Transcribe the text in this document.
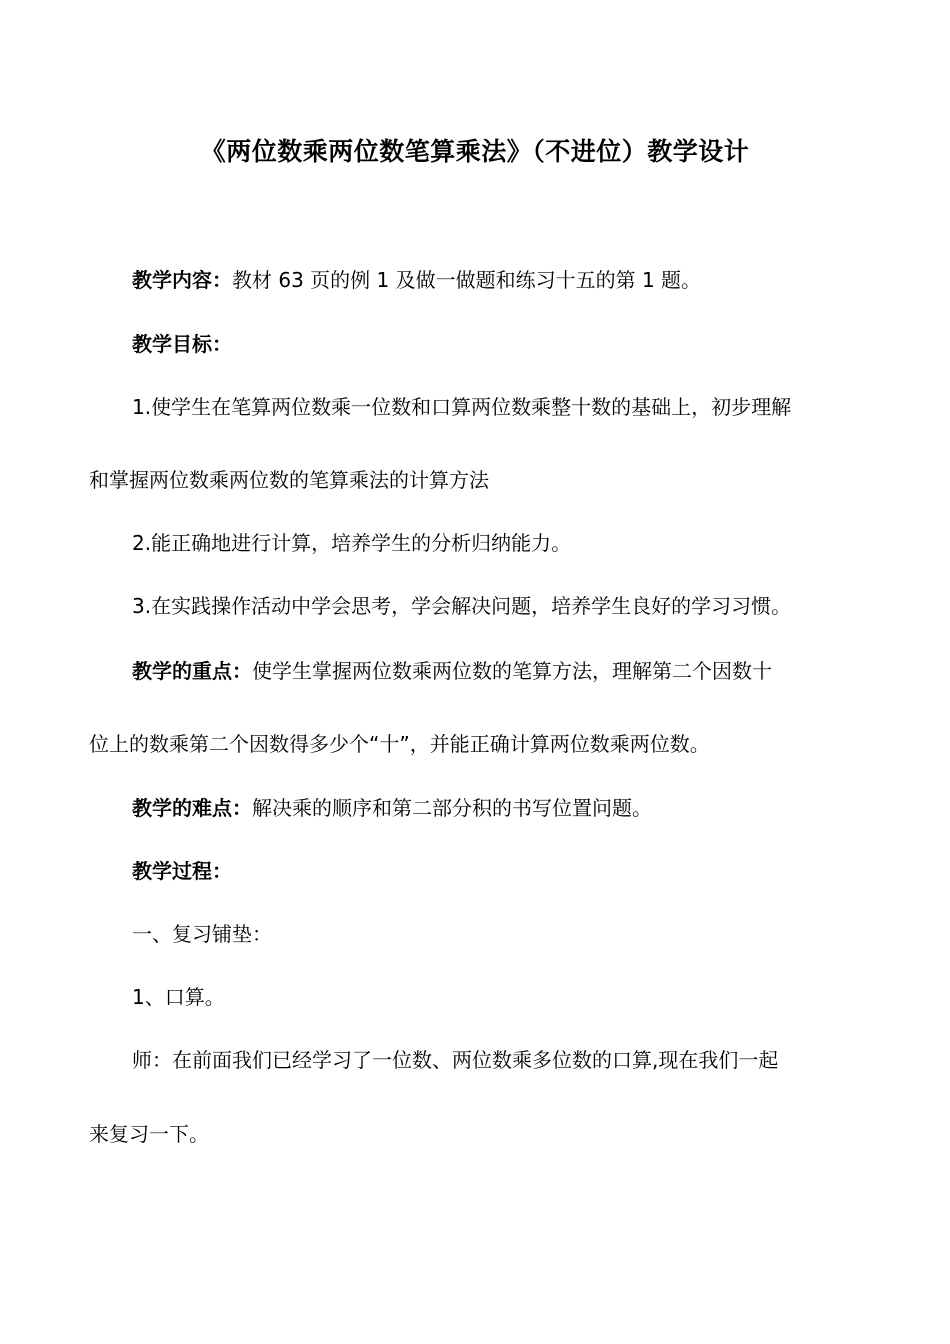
《两位数乘两位数笔算乘法》（不进位）教学设计
教学内容：教材 63 页的例 1 及做一做题和练习十五的第 1 题。
教学目标：
1.使学生在笔算两位数乘一位数和口算两位数乘整十数的基础上，初步理解
和掌握两位数乘两位数的笔算乘法的计算方法
2.能正确地进行计算，培养学生的分析归纳能力。
3.在实践操作活动中学会思考，学会解决问题，培养学生良好的学习习惯。
教学的重点：使学生掌握两位数乘两位数的笔算方法，理解第二个因数十
位上的数乘第二个因数得多少个“十”，并能正确计算两位数乘两位数。
教学的难点：解决乘的顺序和第二部分积的书写位置问题。
教学过程：
一、复习铺垫：
1、口算。
师：在前面我们已经学习了一位数、两位数乘多位数的口算,现在我们一起
来复习一下。
